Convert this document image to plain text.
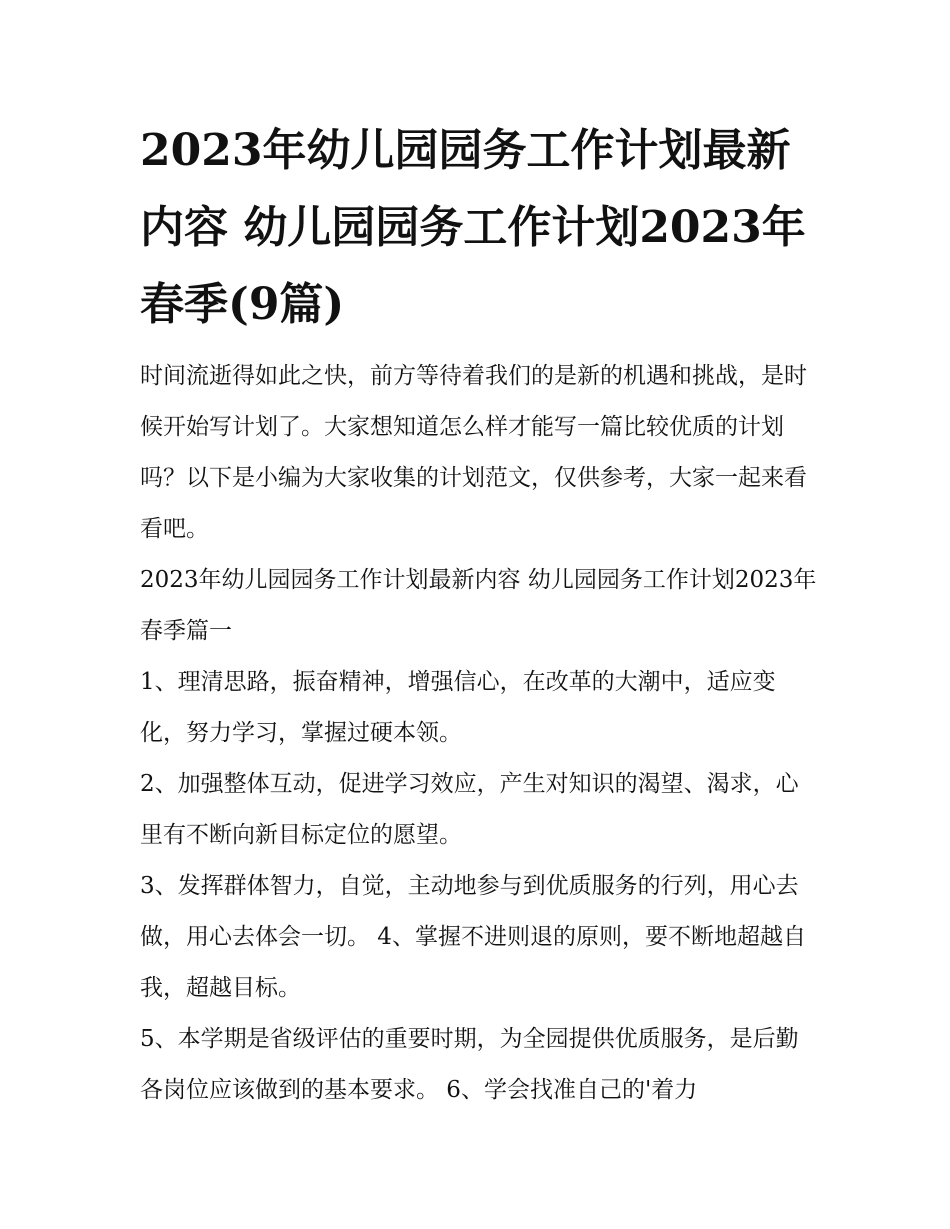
2023年幼儿园园务工作计划最新内容 幼儿园园务工作计划2023年春季(9篇)

时间流逝得如此之快，前方等待着我们的是新的机遇和挑战，是时候开始写计划了。大家想知道怎么样才能写一篇比较优质的计划吗？以下是小编为大家收集的计划范文，仅供参考，大家一起来看看吧。

2023年幼儿园园务工作计划最新内容 幼儿园园务工作计划2023年春季篇一

1、理清思路，振奋精神，增强信心，在改革的大潮中，适应变化，努力学习，掌握过硬本领。

2、加强整体互动，促进学习效应，产生对知识的渴望、渴求，心里有不断向新目标定位的愿望。

3、发挥群体智力，自觉，主动地参与到优质服务的行列，用心去做，用心去体会一切。 4、掌握不进则退的原则，要不断地超越自我，超越目标。

5、本学期是省级评估的重要时期，为全园提供优质服务，是后勤各岗位应该做到的基本要求。 6、学会找准自己的'着力
